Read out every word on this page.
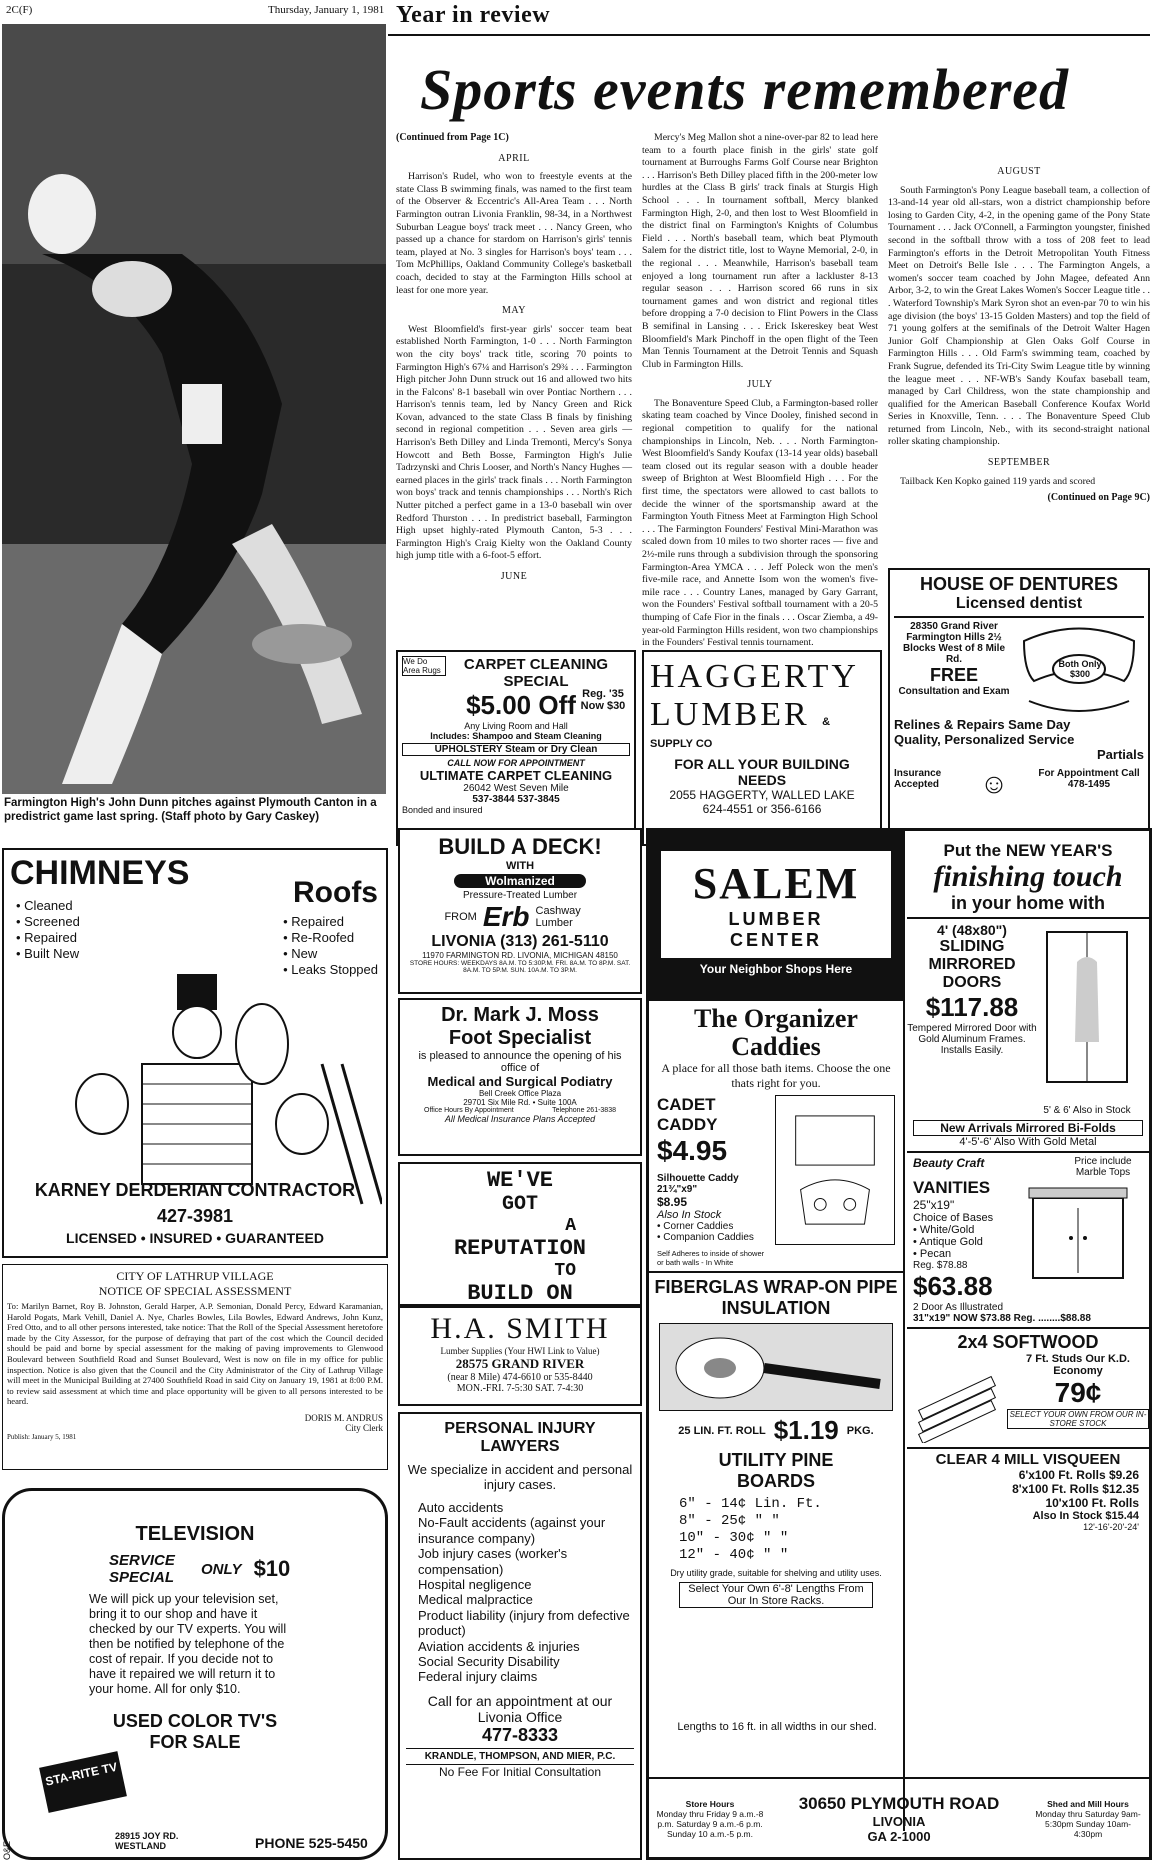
2C(F)	Thursday, January 1, 1981 Year in review
Sports events remembered
Farmington High's John Dunn pitches against Plymouth Canton in a predistrict game last spring. (Staff photo by Gary Caskey)

(Continued from Page 1C)

APRIL

Harrison's Rudel, who won to freestyle events at the state Class B swimming finals, was named to the first team of the Observer & Eccentric's All-Area Team . . . North Farmington outran Livonia Franklin, 98-34, in a Northwest Suburban League boys' track meet . . . Nancy Green, who passed up a chance for stardom on Harrison's girls' tennis team, played at No. 3 singles for Harrison's boys' team . . . Tom McPhillips, Oakland Community College's basketball coach, decided to stay at the Farmington Hills school at least for one more year.

MAY

West Bloomfield's first-year girls' soccer team beat established North Farmington, 1-0 . . . North Farmington won the city boys' track title, scoring 70 points to Farmington High's 67¼ and Harrison's 29¾ . . . Farmington High pitcher John Dunn struck out 16 and allowed two hits in the Falcons' 8-1 baseball win over Pontiac Northern . . . Harrison's tennis team, led by Nancy Green and Rick Kovan, advanced to the state Class B finals by finishing second in regional competition . . . Seven area girls — Harrison's Beth Dilley and Linda Tremonti, Mercy's Sonya Howcott and Beth Bosse, Farmington High's Julie Tadrzynski and Chris Looser, and North's Nancy Hughes — earned places in the girls' track finals . . . North Farmington won boys' track and tennis championships . . . North's Rich Nutter pitched a perfect game in a 13-0 baseball win over Redford Thurston . . . In predistrict baseball, Farmington High upset highly-rated Plymouth Canton, 5-3 . . . Farmington High's Craig Kielty won the Oakland County high jump title with a 6-foot-5 effort.

JUNE

Mercy's Meg Mallon shot a nine-over-par 82 to lead here team to a fourth place finish in the girls' state golf tournament at Burroughs Farms Golf Course near Brighton . . . Harrison's Beth Dilley placed fifth in the 200-meter low hurdles at the Class B girls' track finals at Sturgis High School . . . In tournament softball, Mercy blanked Farmington High, 2-0, and then lost to West Bloomfield in the district final on Farmington's Knights of Columbus Field . . . North's baseball team, which beat Plymouth Salem for the district title, lost to Wayne Memorial, 2-0, in the regional . . . Meanwhile, Harrison's baseball team enjoyed a long tournament run after a lackluster 8-13 regular season . . . Harrison scored 66 runs in six tournament games and won district and regional titles before dropping a 7-0 decision to Flint Powers in the Class B semifinal in Lansing . . . Erick Iskereskey beat West Bloomfield's Mark Pinchoff in the open flight of the Teen Man Tennis Tournament at the Detroit Tennis and Squash Club in Farmington Hills.

JULY

The Bonaventure Speed Club, a Farmington-based roller skating team coached by Vince Dooley, finished second in regional competition to qualify for the national championships in Lincoln, Neb. . . . North Farmington-West Bloomfield's Sandy Koufax (13-14 year olds) baseball team closed out its regular season with a double header sweep of Brighton at West Bloomfield High . . . For the first time, the spectators were allowed to cast ballots to decide the winner of the sportsmanship award at the Farmington Youth Fitness Meet at Farmington High School . . . The Farmington Founders' Festival Mini-Marathon was scaled down from 10 miles to two shorter races — five and 2½-mile runs through a subdivision through the sponsoring Farmington-Area YMCA . . . Jeff Poleck won the men's five-mile race, and Annette Isom won the women's five-mile race . . . Country Lanes, managed by Gary Garrant, won the Founders' Festival softball tournament with a 20-5 thumping of Cafe Fior in the finals . . . Oscar Ziemba, a 49-year-old Farmington Hills resident, won two championships in the Founders' Festival tennis tournament.

AUGUST

South Farmington's Pony League baseball team, a collection of 13-and-14 year old all-stars, won a district championship before losing to Garden City, 4-2, in the opening game of the Pony State Tournament . . . Jack O'Connell, a Farmington youngster, finished second in the softball throw with a toss of 208 feet to lead Farmington's efforts in the Detroit Metropolitan Youth Fitness Meet on Detroit's Belle Isle . . . The Farmington Angels, a women's soccer team coached by John Magee, defeated Ann Arbor, 3-2, to win the Great Lakes Women's Soccer League title . . . Waterford Township's Mark Syron shot an even-par 70 to win his age division (the boys' 13-15 Golden Masters) and top the field of 71 young golfers at the semifinals of the Detroit Walter Hagen Junior Golf Championship at Glen Oaks Golf Course in Farmington Hills . . . Old Farm's swimming team, coached by Frank Sugrue, defended its Tri-City Swim League title by winning the league meet . . . NF-WB's Sandy Koufax baseball team, managed by Carl Childress, won the state championship and qualified for the American Baseball Conference Koufax World Series in Knoxville, Tenn. . . . The Bonaventure Speed Club returned from Lincoln, Neb., with its second-straight national roller skating championship.

SEPTEMBER

Tailback Ken Kopko gained 119 yards and scored

(Continued on Page 9C)

We Do Area Rugs	CARPET CLEANING SPECIAL
$5.00 Off Reg. '35 Now $30
Any Living Room and Hall
Includes: Shampoo and Steam Cleaning
UPHOLSTERY Steam or Dry Clean
CALL NOW FOR APPOINTMENT
ULTIMATE CARPET CLEANING
26042 West Seven Mile
537-3844 537-3845
Bonded and insured
HAGGERTY
LUMBER & SUPPLY CO
FOR ALL YOUR BUILDING NEEDS
2055 HAGGERTY, WALLED LAKE
624-4551 or 356-6166
HOUSE OF DENTURES
Licensed dentist
28350 Grand River Farmington Hills 2½ Blocks West of 8 Mile Rd.
FREE
Consultation and Exam
Both Only $300
Relines & Repairs Same Day
Quality, Personalized Service
Partials
Insurance Accepted	☺	For Appointment Call 478-1495
CHIMNEYS
Roofs
• Cleaned
• Screened
• Repaired
• Built New
• Repaired
• Re-Roofed
• New
• Leaks Stopped
KARNEY DERDERIAN CONTRACTOR
427-3981
LICENSED • INSURED • GUARANTEED
BUILD A DECK!
WITH
Wolmanized
Pressure-Treated Lumber
FROM Erb Cashway Lumber
LIVONIA (313) 261-5110
11970 FARMINGTON RD. LIVONIA, MICHIGAN 48150
STORE HOURS: WEEKDAYS 8A.M. TO 5:30P.M. FRI. 8A.M. TO 8P.M. SAT. 8A.M. TO 5P.M. SUN. 10A.M. TO 3P.M.
Dr. Mark J. Moss
Foot Specialist
is pleased to announce the opening of his office of
Medical and Surgical Podiatry
Bell Creek Office Plaza
29701 Six Mile Rd. • Suite 100A
Office Hours By Appointment	Telephone 261-3838
All Medical Insurance Plans Accepted
WE'VE
GOT
A
REPUTATION
TO
BUILD ON
H.A. SMITH
Lumber Supplies (Your HWI Link to Value)
28575 GRAND RIVER
(near 8 Mile) 474-6610 or 535-8440
MON.-FRI. 7-5:30 SAT. 7-4:30
CITY OF LATHRUP VILLAGE
NOTICE OF SPECIAL ASSESSMENT
To: Marilyn Barnet, Roy B. Johnston, Gerald Harper, A.P. Semonian, Donald Percy, Edward Karamanian, Harold Pogats, Mark Vehill, Daniel A. Nye, Charles Bowles, Lila Bowles, Edward Andrews, John Kunz, Fred Otto, and to all other persons interested, take notice: That the Roll of the Special Assessment heretofore made by the City Assessor, for the purpose of defraying that part of the cost which the Council decided should be paid and borne by special assessment for the making of paving improvements to Glenwood Boulevard between Southfield Road and Sunset Boulevard, West is now on file in my office for public inspection. Notice is also given that the Council and the City Administrator of the City of Lathrup Village will meet in the Municipal Building at 27400 Southfield Road in said City on January 19, 1981 at 8:00 P.M. to review said assessment at which time and place opportunity will be given to all persons interested to be heard.
DORIS M. ANDRUS
City Clerk
Publish: January 5, 1981
TELEVISION
SERVICE SPECIAL	ONLY $10
We will pick up your television set, bring it to our shop and have it checked by our TV experts. You will then be notified by telephone of the cost of repair. If you decide not to have it repaired we will return it to your home. All for only $10.
USED COLOR TV'S FOR SALE
STA-RITE TV
28915 JOY RD. WESTLAND	PHONE 525-5450
PERSONAL INJURY LAWYERS
We specialize in accident and personal injury cases.
Auto accidents
No-Fault accidents (against your insurance company)
Job injury cases (worker's compensation)
Hospital negligence
Medical malpractice
Product liability (injury from defective product)
Aviation accidents & injuries
Social Security Disability
Federal injury claims
Call for an appointment at our Livonia Office
477-8333
KRANDLE, THOMPSON, AND MIER, P.C.
No Fee For Initial Consultation
SALEM
LUMBER
CENTER
Your Neighbor Shops Here
The Organizer Caddies
A place for all those bath items. Choose the one thats right for you.
CADET CADDY
$4.95
Silhouette Caddy 21¾"x9"
$8.95
Also In Stock
• Corner Caddies
• Companion Caddies
Self Adheres to inside of shower or bath walls - In White
FIBERGLAS WRAP-ON PIPE INSULATION
25 LIN. FT. ROLL $1.19 PKG.
UTILITY PINE BOARDS
6" - 14¢ Lin. Ft.
8" - 25¢ " "
10" - 30¢ " "
12" - 40¢ " "
Dry utility grade, suitable for shelving and utility uses.
Select Your Own 6'-8' Lengths From Our In Store Racks.
Lengths to 16 ft. in all widths in our shed.
Put the NEW YEAR'S
finishing touch
in your home with
4' (48x80")
SLIDING MIRRORED DOORS
$117.88
Tempered Mirrored Door with Gold Aluminum Frames. Installs Easily.
5' & 6' Also in Stock
New Arrivals Mirrored Bi-Folds
4'-5'-6' Also With Gold Metal
Beauty Craft	Price include Marble Tops
VANITIES
25"x19"
Choice of Bases
• White/Gold
• Antique Gold
• Pecan
Reg. $78.88
$63.88
2 Door As Illustrated
31"x19" NOW $73.88 Reg. ........$88.88
2x4 SOFTWOOD
7 Ft. Studs Our K.D. Economy
79¢
SELECT YOUR OWN FROM OUR IN-STORE STOCK
CLEAR 4 MILL VISQUEEN
6'x100 Ft. Rolls $9.26
8'x100 Ft. Rolls $12.35
10'x100 Ft. Rolls
Also In Stock $15.44
12'-16'-20'-24'
Store Hours
Monday thru Friday 9 a.m.-8 p.m. Saturday 9 a.m.-6 p.m. Sunday 10 a.m.-5 p.m.
30650 PLYMOUTH ROAD
LIVONIA
GA 2-1000
Shed and Mill Hours
Monday thru Saturday 9am-5:30pm Sunday 10am-4:30pm
O&E
